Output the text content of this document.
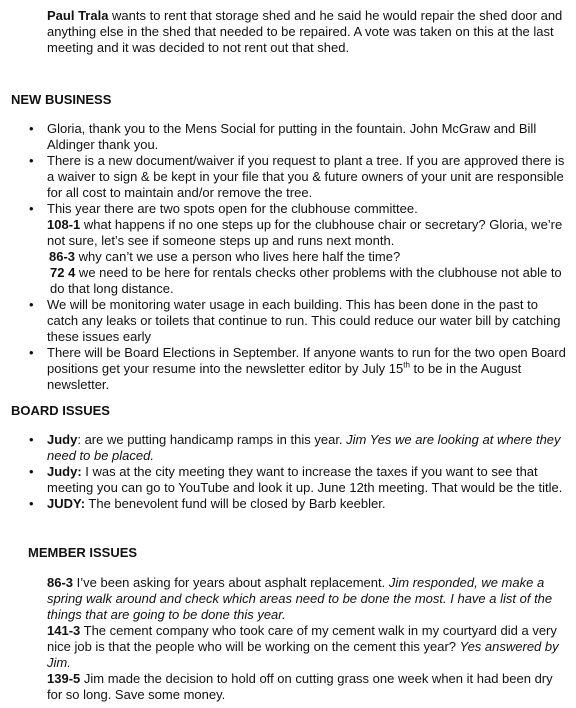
Paul Trala wants to rent that storage shed and he said he would repair the shed door and anything else in the shed that needed to be repaired. A vote was taken on this at the last meeting and it was decided to not rent out that shed.

NEW BUSINESS

• Gloria, thank you to the Mens Social for putting in the fountain. John McGraw and Bill Aldinger thank you.
• There is a new document/waiver if you request to plant a tree. If you are approved there is a waiver to sign & be kept in your file that you & future owners of your unit are responsible for all cost to maintain and/or remove the tree.
• This year there are two spots open for the clubhouse committee.
108-1 what happens if no one steps up for the clubhouse chair or secretary? Gloria, we’re not sure, let’s see if someone steps up and runs next month.
86-3 why can’t we use a person who lives here half the time?
72 4 we need to be here for rentals checks other problems with the clubhouse not able to do that long distance.
• We will be monitoring water usage in each building. This has been done in the past to catch any leaks or toilets that continue to run. This could reduce our water bill by catching these issues early
• There will be Board Elections in September. If anyone wants to run for the two open Board positions get your resume into the newsletter editor by July 15th to be in the August newsletter.

BOARD ISSUES

• Judy: are we putting handicamp ramps in this year. Jim Yes we are looking at where they need to be placed.
• Judy: I was at the city meeting they want to increase the taxes if you want to see that meeting you can go to YouTube and look it up. June 12th meeting. That would be the title.
• JUDY: The benevolent fund will be closed by Barb keebler.

MEMBER ISSUES

86-3 I’ve been asking for years about asphalt replacement. Jim responded, we make a spring walk around and check which areas need to be done the most. I have a list of the things that are going to be done this year.

141-3 The cement company who took care of my cement walk in my courtyard did a very nice job is that the people who will be working on the cement this year? Yes answered by Jim.

139-5 Jim made the decision to hold off on cutting grass one week when it had been dry for so long. Save some money.
